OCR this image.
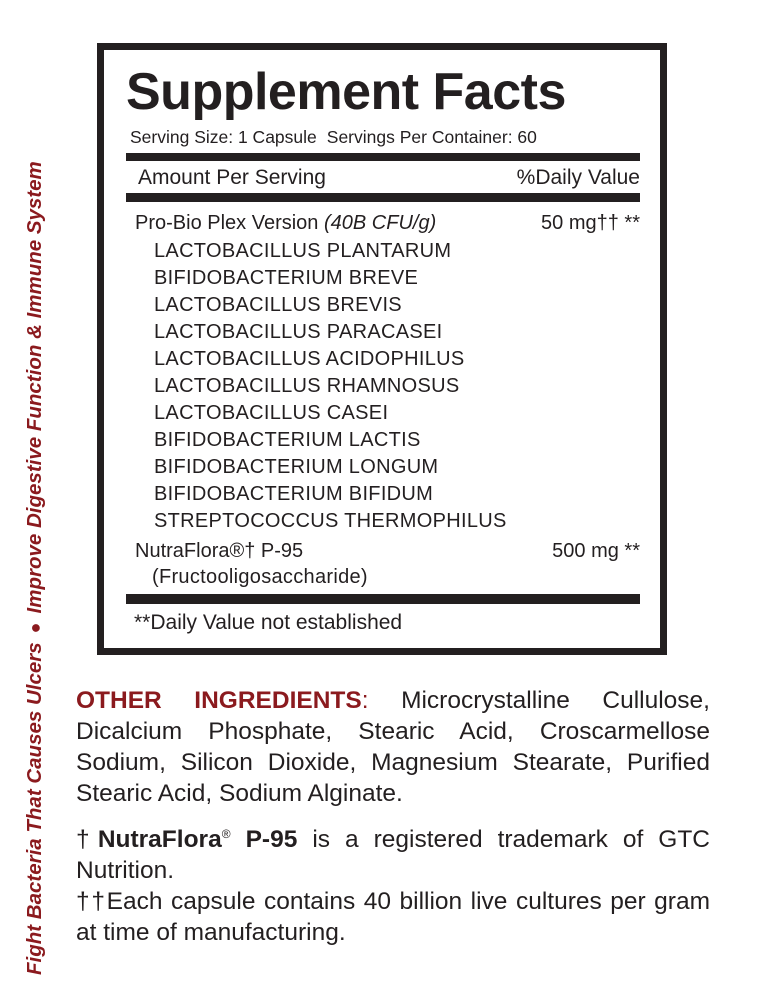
Fight Bacteria That Causes Ulcers
●
Improve Digestive Function & Immune System
Supplement Facts
Serving Size: 1 Capsule Servings Per Container: 60
Amount Per Serving	%Daily Value
Pro-Bio Plex Version (40B CFU/g)	50 mg†† **
LACTOBACILLUS PLANTARUM
BIFIDOBACTERIUM BREVE
LACTOBACILLUS BREVIS
LACTOBACILLUS PARACASEI
LACTOBACILLUS ACIDOPHILUS
LACTOBACILLUS RHAMNOSUS
LACTOBACILLUS CASEI
BIFIDOBACTERIUM LACTIS
BIFIDOBACTERIUM LONGUM
BIFIDOBACTERIUM BIFIDUM
STREPTOCOCCUS THERMOPHILUS
NutraFlora®† P-95	500 mg **
(Fructooligosaccharide)
**Daily Value not established

OTHER INGREDIENTS: Microcrystalline Cullulose, Dicalcium Phosphate, Stearic Acid, Croscarmellose Sodium, Silicon Dioxide, Magnesium Stearate, Purified Stearic Acid, Sodium Alginate.

†NutraFlora® P-95 is a registered trademark of GTC Nutrition.

††Each capsule contains 40 billion live cultures per gram at time of manufacturing.
